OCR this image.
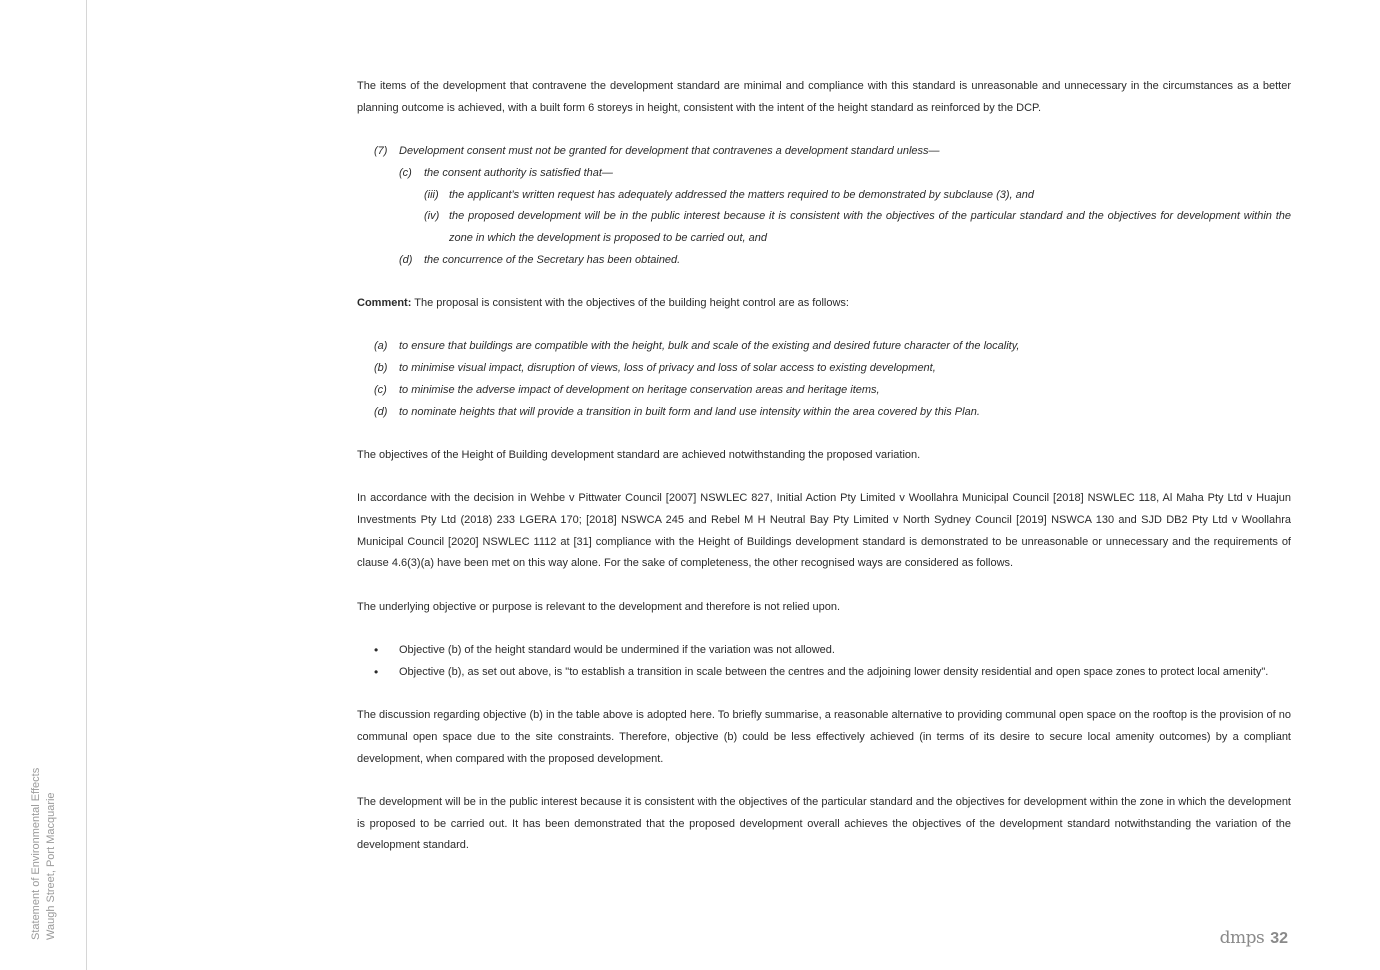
Statement of Environmental Effects Waugh Street, Port Macquarie

The items of the development that contravene the development standard are minimal and compliance with this standard is unreasonable and unnecessary in the circumstances as a better planning outcome is achieved, with a built form 6 storeys in height, consistent with the intent of the height standard as reinforced by the DCP.

(7)	Development consent must not be granted for development that contravenes a development standard unless—
(c)	the consent authority is satisfied that—
(iii) the applicant’s written request has adequately addressed the matters required to be demonstrated by subclause (3), and
(iv) the proposed development will be in the public interest because it is consistent with the objectives of the particular standard and the objectives for development within the zone in which the development is proposed to be carried out, and
(d)	the concurrence of the Secretary has been obtained.

Comment: The proposal is consistent with the objectives of the building height control are as follows:

(a)	to ensure that buildings are compatible with the height, bulk and scale of the existing and desired future character of the locality,
(b)	to minimise visual impact, disruption of views, loss of privacy and loss of solar access to existing development,
(c)	to minimise the adverse impact of development on heritage conservation areas and heritage items,
(d)	to nominate heights that will provide a transition in built form and land use intensity within the area covered by this Plan.

The objectives of the Height of Building development standard are achieved notwithstanding the proposed variation.

In accordance with the decision in Wehbe v Pittwater Council [2007] NSWLEC 827, Initial Action Pty Limited v Woollahra Municipal Council [2018] NSWLEC 118, Al Maha Pty Ltd v Huajun Investments Pty Ltd (2018) 233 LGERA 170; [2018] NSWCA 245 and Rebel M H Neutral Bay Pty Limited v North Sydney Council [2019] NSWCA 130 and SJD DB2 Pty Ltd v Woollahra Municipal Council [2020] NSWLEC 1112 at [31] compliance with the Height of Buildings development standard is demonstrated to be unreasonable or unnecessary and the requirements of clause 4.6(3)(a) have been met on this way alone. For the sake of completeness, the other recognised ways are considered as follows.

The underlying objective or purpose is relevant to the development and therefore is not relied upon.

•	Objective (b) of the height standard would be undermined if the variation was not allowed.
•	Objective (b), as set out above, is "to establish a transition in scale between the centres and the adjoining lower density residential and open space zones to protect local amenity".

The discussion regarding objective (b) in the table above is adopted here. To briefly summarise, a reasonable alternative to providing communal open space on the rooftop is the provision of no communal open space due to the site constraints. Therefore, objective (b) could be less effectively achieved (in terms of its desire to secure local amenity outcomes) by a compliant development, when compared with the proposed development.

The development will be in the public interest because it is consistent with the objectives of the particular standard and the objectives for development within the zone in which the development is proposed to be carried out. It has been demonstrated that the proposed development overall achieves the objectives of the development standard notwithstanding the variation of the development standard.

dmps 32
